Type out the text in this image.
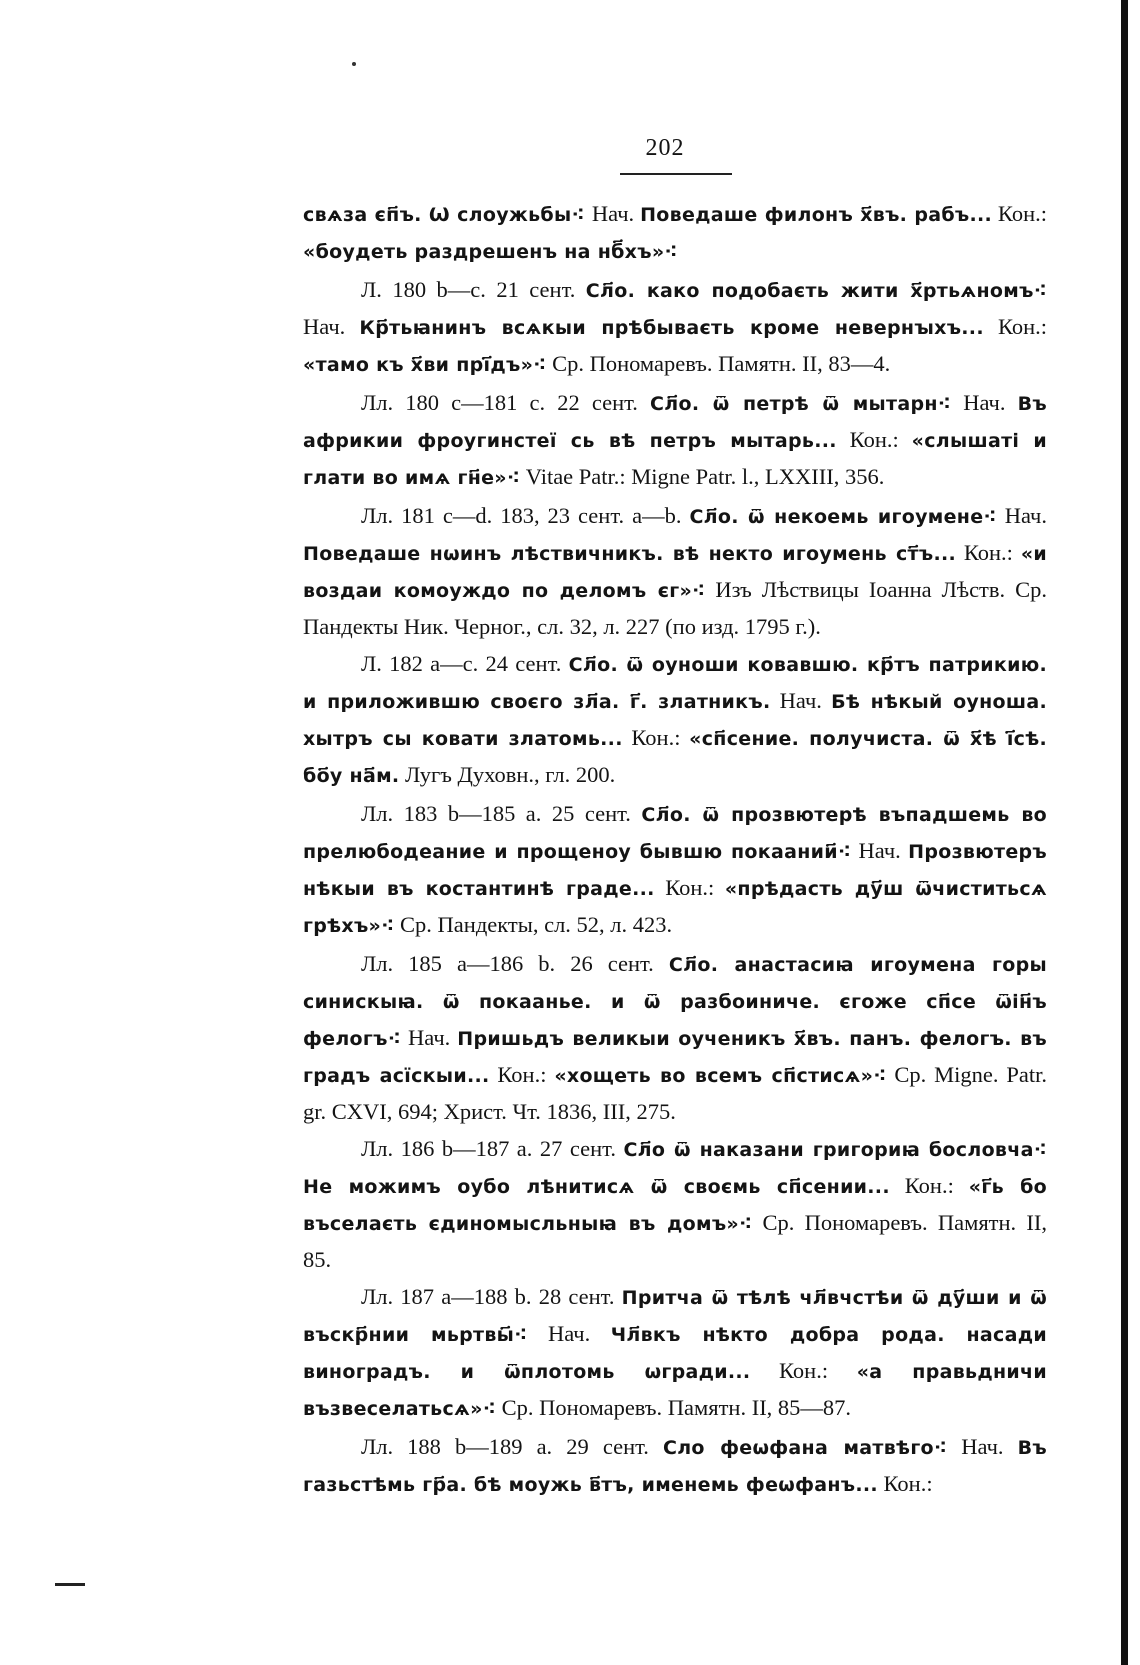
202

свѧза єп҃ъ. Ѡ слоужьбы⁖ Нач. Поведаше филонъ х҃въ. рабъ... Кон.: «боудеть раздрешенъ на нб҃хъ»⁖

Л. 180 b—c. 21 сент. Сл҃о. како подобаєть жити х҃ртьѧномъ⁖ Нач. Кр҃тьꙗнинъ всѧкыи прѣбываєть кроме невернꙑхъ... Кон.: «тамо къ х҃ви прі҃дъ»⁖ Ср. Пономаревъ. Памятн. II, 83—4.

Лл. 180 c—181 c. 22 сент. Сл҃о. ѿ петрѣ ѿ мытарн⁖ Нач. Въ африкии фроугинстеї сь вѣ петръ мытарь... Кон.: «слышаті и глати во имѧ гн҃е»⁖ Vitae Patr.: Migne Patr. l., LXXIII, 356.

Лл. 181 c—d. 183, 23 сент. a—b. Сл҃о. ѿ некоемь игоумене⁖ Нач. Поведаше нѡинъ лѣствичникъ. вѣ некто игоумень ст҃ъ... Кон.: «и воздаи комоуждо по деломъ єг»⁖ Изъ Лѣствицы Іоанна Лѣств. Ср. Пандекты Ник. Черног., сл. 32, л. 227 (по изд. 1795 г.).

Л. 182 a—c. 24 сент. Сл҃о. ѿ оуноши ковавшю. кр҃тъ патрикию. и приложившю своєго зл҃а. г҃. златникъ. Нач. Бѣ нѣкый оуноша. хытръ сы ковати златомь... Кон.: «сп҃сение. получиста. ѿ х҃ѣ і҃сѣ. бо҃у на҃м. Лугъ Духовн., гл. 200.

Лл. 183 b—185 a. 25 сент. Сл҃о. ѿ прозвютерѣ въпадшемь во прелюбодеание и прощеноу бывшю покаании҃⁖ Нач. Прозвютеръ нѣкыи въ костантинѣ граде... Кон.: «прѣдасть ду҃ш ѿчиститьсѧ грѣхъ»⁖ Ср. Пандекты, сл. 52, л. 423.

Лл. 185 a—186 b. 26 сент. Сл҃о. анастасиꙗ игоумена горы синискыꙗ. ѿ покаанье. и ѿ разбоиниче. єгоже сп҃се ѿін҃ъ фелогъ⁖ Нач. Пришьдъ великыи оученикъ х҃въ. панъ. фелогъ. въ градъ асїскыи... Кон.: «хощеть во всемъ сп҃стисѧ»⁖ Ср. Migne. Patr. gr. CXVI, 694; Христ. Чт. 1836, III, 275.

Лл. 186 b—187 a. 27 сент. Сл҃о ѿ наказани григориꙗ бословча⁖ Не можимъ оубо лѣнитисѧ ѿ своємь сп҃сении... Кон.: «г҃ь бо въселаєть єдиномысльныꙗ въ домъ»⁖ Ср. Пономаревъ. Памятн. II, 85.

Лл. 187 a—188 b. 28 сент. Притча ѿ тѣлѣ чл҃вчстѣи ѿ ду҃ши и ѿ въскр҃нии мьртвы҃⁖ Нач. Чл҃вкъ нѣкто добра рода. насади виноградъ. и ѿплотомь ѡгради... Кон.: «а правьдничи възвеселатьсѧ»⁖ Ср. Пономаревъ. Памятн. II, 85—87.

Лл. 188 b—189 a. 29 сент. Сло феѡфана матвѣго⁖ Нач. Въ газьстѣмь гр҃а. бѣ моужь в҃тъ, именемь феѡфанъ... Кон.:
